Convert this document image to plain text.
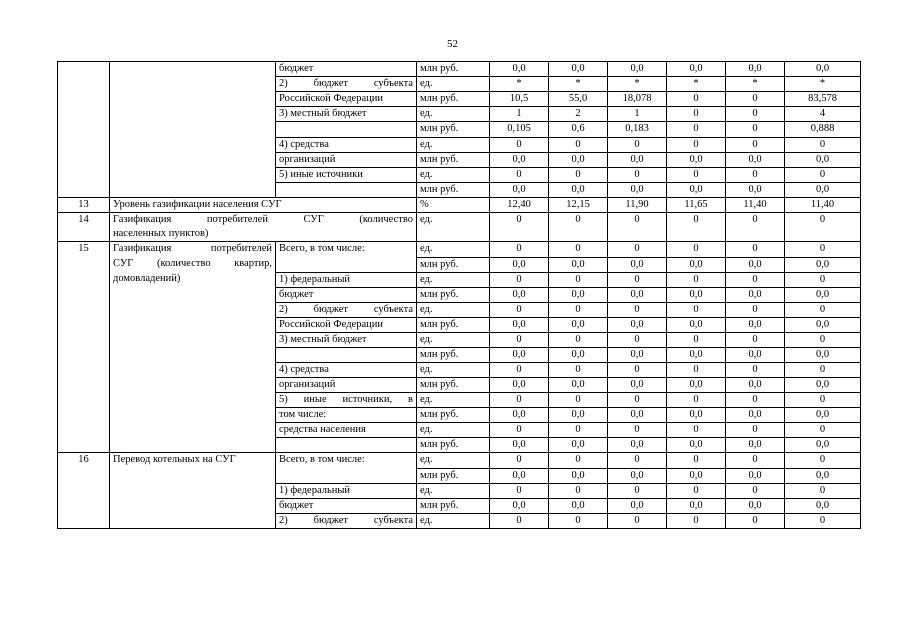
52

	бюджет	млн руб.	0,0	0,0	0,0	0,0	0,0	0,0
		2) бюджет субъекта	ед.	*	*	*	*	*	*
		Российской Федерации	млн руб.	10,5	55,0	18,078	0	0	83,578
		3) местный бюджет	ед.	1	2	1	0	0	4
			млн руб.	0,105	0,6	0,183	0	0	0,888
		4) средства	ед.	0	0	0	0	0	0
		организаций	млн руб.	0,0	0,0	0,0	0,0	0,0	0,0
		5) иные источники	ед.	0	0	0	0	0	0
			млн руб.	0,0	0,0	0,0	0,0	0,0	0,0
13	Уровень газификации населения СУГ		%	12,40	12,15	11,90	11,65	11,40	11,40
14	Газификация потребителей СУГ (количество
населенных пунктов)		ед.	0	0	0	0	0	0

15	Газификация потребителей
СУГ (количество квартир,
домовладений)	Всего, в том числе:	ед.	0	0	0	0	0	0
			млн руб.	0,0	0,0	0,0	0,0	0,0	0,0
		1) федеральный	ед.	0	0	0	0	0	0
		бюджет	млн руб.	0,0	0,0	0,0	0,0	0,0	0,0
		2) бюджет субъекта	ед.	0	0	0	0	0	0
		Российской Федерации	млн руб.	0,0	0,0	0,0	0,0	0,0	0,0
		3) местный бюджет	ед.	0	0	0	0	0	0
			млн руб.	0,0	0,0	0,0	0,0	0,0	0,0
		4) средства	ед.	0	0	0	0	0	0
		организаций	млн руб.	0,0	0,0	0,0	0,0	0,0	0,0
		5) иные источники, в	ед.	0	0	0	0	0	0
		том числе:	млн руб.	0,0	0,0	0,0	0,0	0,0	0,0
		средства населения	ед.	0	0	0	0	0	0
			млн руб.	0,0	0,0	0,0	0,0	0,0	0,0
16	Перевод котельных на СУГ	Всего, в том числе:	ед.	0	0	0	0	0	0
			млн руб.	0,0	0,0	0,0	0,0	0,0	0,0
		1) федеральный	ед.	0	0	0	0	0	0
		бюджет	млн руб.	0,0	0,0	0,0	0,0	0,0	0,0
		2) бюджет субъекта	ед.	0	0	0	0	0	0
